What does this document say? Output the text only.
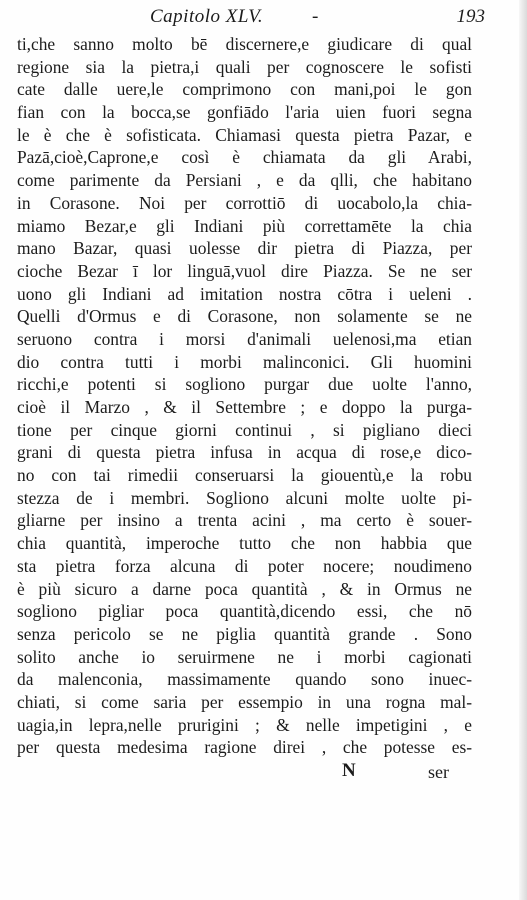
Capitolo XLV.	-	193
ti,che sanno molto bē discernere,e giudicare di qual
regione sia la pietra,i quali per cognoscere le sofisti
cate dalle uere,le comprimono con mani,poi le gon
fian con la bocca,se gonfiādo l'aria uien fuori segna
le è che è sofisticata. Chiamasi questa pietra Pazar, e
Pazā,cioè,Caprone,e così è chiamata da gli Arabi,
come parimente da Persiani , e da qlli, che habitano
in Corasone. Noi per corrottiō di uocabolo,la chia-
miamo Bezar,e gli Indiani più correttamēte la chia
mano Bazar, quasi uolesse dir pietra di Piazza, per
cioche Bezar ī lor linguā,vuol dire Piazza. Se ne ser
uono gli Indiani ad imitation nostra cōtra i ueleni .
Quelli d'Ormus e di Corasone, non solamente se ne
seruono contra i morsi d'animali uelenosi,ma etian
dio contra tutti i morbi malinconici. Gli huomini
ricchi,e potenti si sogliono purgar due uolte l'anno,
cioè il Marzo , & il Settembre ; e doppo la purga-
tione per cinque giorni continui , si pigliano dieci
grani di questa pietra infusa in acqua di rose,e dico-
no con tai rimedii conseruarsi la giouentù,e la robu
stezza de i membri. Sogliono alcuni molte uolte pi-
gliarne per insino a trenta acini , ma certo è souer-
chia quantità, imperoche tutto che non habbia que
sta pietra forza alcuna di poter nocere; noudimeno
è più sicuro a darne poca quantità , & in Ormus ne
sogliono pigliar poca quantità,dicendo essi, che nō
senza pericolo se ne piglia quantità grande . Sono
solito anche io seruirmene ne i morbi cagionati
da malenconia, massimamente quando sono inuec-
chiati, si come saria per essempio in una rogna mal-
uagia,in lepra,nelle prurigini ; & nelle impetigini , e
per questa medesima ragione direi , che potesse es-
N	ser
